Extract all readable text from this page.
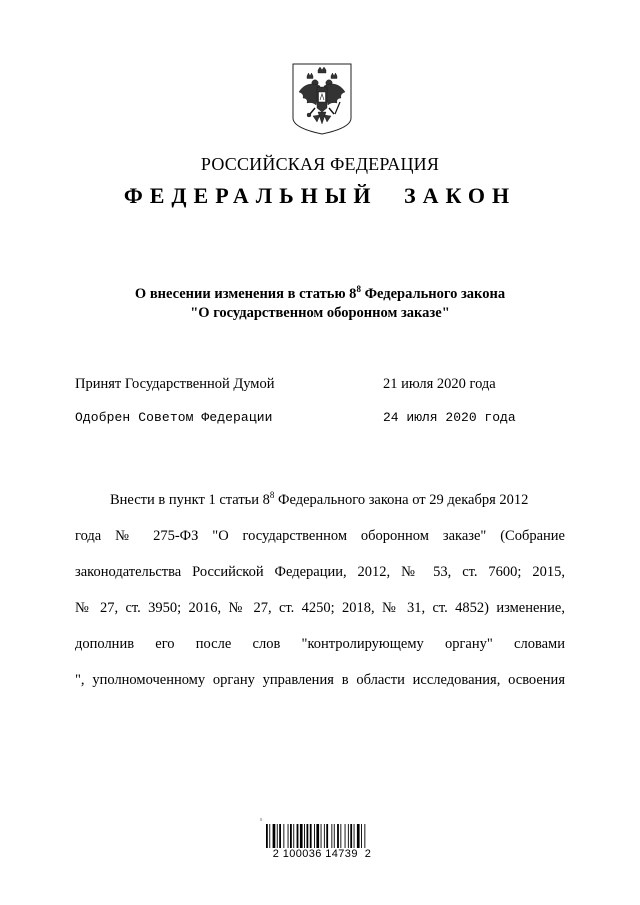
РОССИЙСКАЯ ФЕДЕРАЦИЯ
ФЕДЕРАЛЬНЫЙ ЗАКОН
О внесении изменения в статью $8^8$ Федерального закона
"О государственном оборонном заказе"
Принят Государственной Думой	21 июля 2020 года
Одобрен Советом Федерации	24 июля 2020 года
Внести в пункт 1 статьи $8^8$ Федерального закона от 29 декабря 2012
года № 275-ФЗ "О государственном оборонном заказе" (Собрание
законодательства Российской Федерации, 2012, № 53, ст. 7600; 2015,
№ 27, ст. 3950; 2016, № 27, ст. 4250; 2018, № 31, ст. 4852) изменение,
дополнив его после слов "контролирующему органу" словами
", уполномоченному органу управления в области исследования, освоения
≡
2 100036 14739  2
